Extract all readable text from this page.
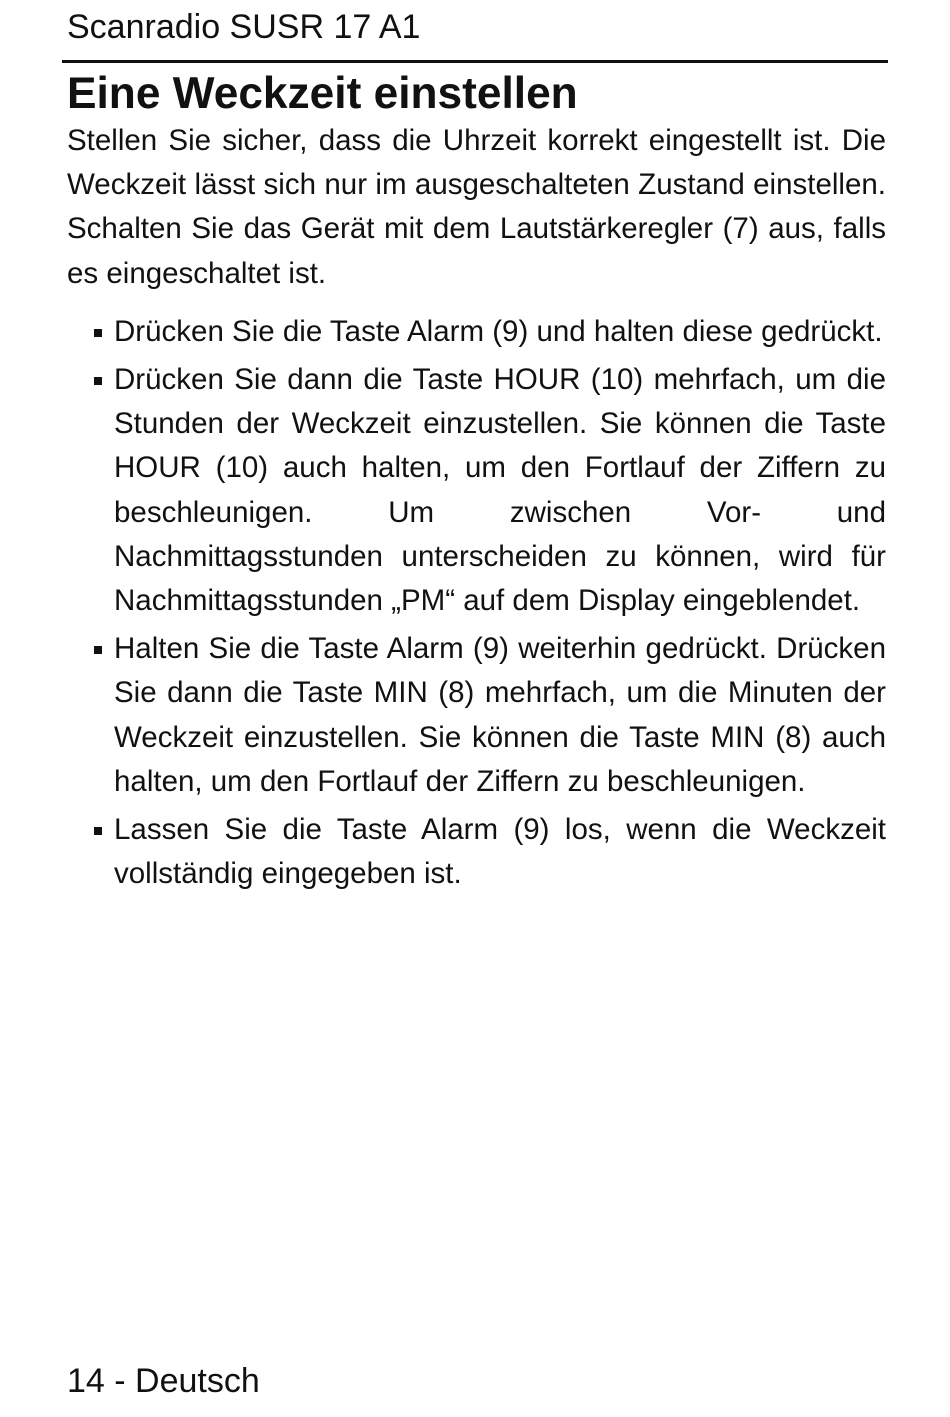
Scanradio SUSR 17 A1
Eine Weckzeit einstellen

Stellen Sie sicher, dass die Uhrzeit korrekt eingestellt ist. Die Weckzeit lässt sich nur im ausgeschalteten Zustand einstellen. Schalten Sie das Gerät mit dem Lautstärkeregler (7) aus, falls es eingeschaltet ist.

Drücken Sie die Taste Alarm (9) und halten diese gedrückt.
Drücken Sie dann die Taste HOUR (10) mehrfach, um die Stunden der Weckzeit einzustellen. Sie können die Taste HOUR (10) auch halten, um den Fortlauf der Ziffern zu beschleunigen. Um zwischen Vor- und Nachmittagsstunden unterscheiden zu können, wird für Nachmittagsstunden „PM“ auf dem Display eingeblendet.
Halten Sie die Taste Alarm (9) weiterhin gedrückt. Drücken Sie dann die Taste MIN (8) mehrfach, um die Minuten der Weckzeit einzustellen. Sie können die Taste MIN (8) auch halten, um den Fortlauf der Ziffern zu beschleunigen.
Lassen Sie die Taste Alarm (9) los, wenn die Weckzeit vollständig eingegeben ist.
14 - Deutsch
